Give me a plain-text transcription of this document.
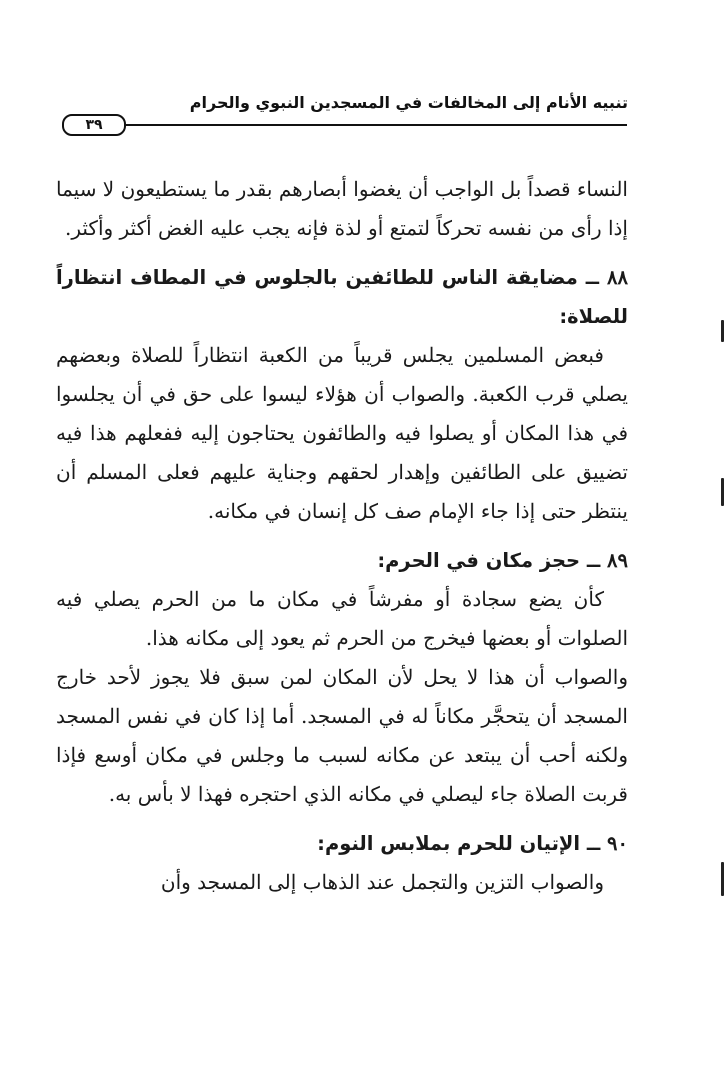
تنبيه الأنام إلى المخالفات في المسجدين النبوي والحرام
٣٩

النساء قصداً بل الواجب أن يغضوا أبصارهم بقدر ما يستطيعون لا سيما إذا رأى من نفسه تحركاً لتمتع أو لذة فإنه يجب عليه الغض أكثر وأكثر.

٨٨ ــ مضايقة الناس للطائفين بالجلوس في المطاف انتظاراً للصلاة:

فبعض المسلمين يجلس قريباً من الكعبة انتظاراً للصلاة وبعضهم يصلي قرب الكعبة. والصواب أن هؤلاء ليسوا على حق في أن يجلسوا في هذا المكان أو يصلوا فيه والطائفون يحتاجون إليه ففعلهم هذا فيه تضييق على الطائفين وإهدار لحقهم وجناية عليهم فعلى المسلم أن ينتظر حتى إذا جاء الإمام صف كل إنسان في مكانه.

٨٩ ــ حجز مكان في الحرم:

كأن يضع سجادة أو مفرشاً في مكان ما من الحرم يصلي فيه الصلوات أو بعضها فيخرج من الحرم ثم يعود إلى مكانه هذا.

والصواب أن هذا لا يحل لأن المكان لمن سبق فلا يجوز لأحد خارج المسجد أن يتحجَّر مكاناً له في المسجد. أما إذا كان في نفس المسجد ولكنه أحب أن يبتعد عن مكانه لسبب ما وجلس في مكان أوسع فإذا قربت الصلاة جاء ليصلي في مكانه الذي احتجره فهذا لا بأس به.

٩٠ ــ الإتيان للحرم بملابس النوم:

والصواب التزين والتجمل عند الذهاب إلى المسجد وأن
